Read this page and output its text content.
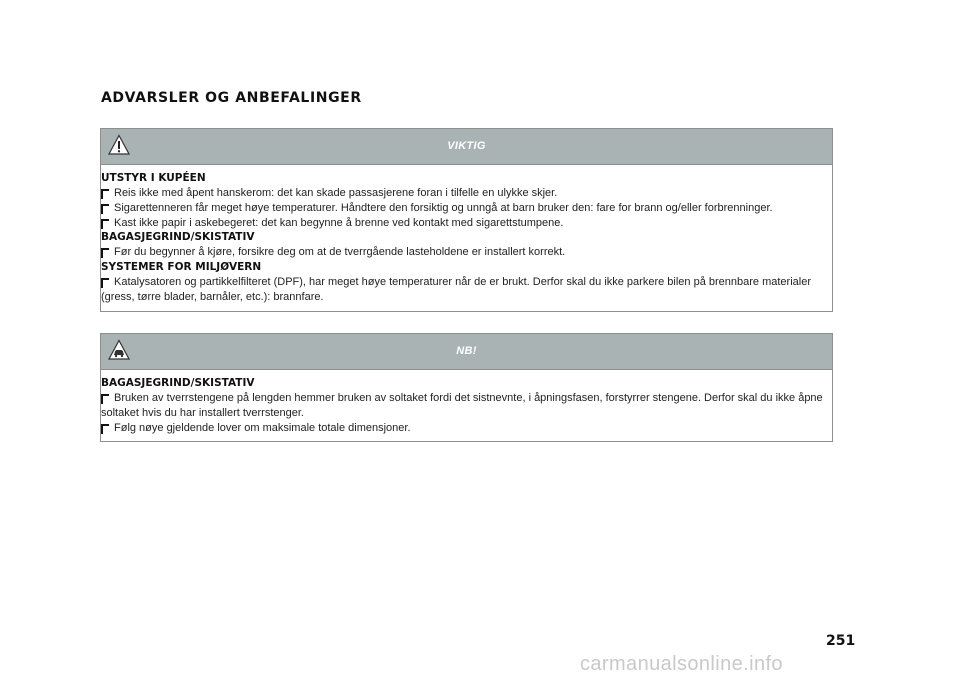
ADVARSLER OG ANBEFALINGER
VIKTIG

UTSTYR I KUPÉEN

Reis ikke med åpent hanskerom: det kan skade passasjerene foran i tilfelle en ulykke skjer.

Sigarettenneren får meget høye temperaturer. Håndtere den forsiktig og unngå at barn bruker den: fare for brann og/eller forbrenninger.

Kast ikke papir i askebegeret: det kan begynne å brenne ved kontakt med sigarettstumpene.

BAGASJEGRIND/SKISTATIV

Før du begynner å kjøre, forsikre deg om at de tverrgående lasteholdene er installert korrekt.

SYSTEMER FOR MILJØVERN

Katalysatoren og partikkelfilteret (DPF), har meget høye temperaturer når de er brukt. Derfor skal du ikke parkere bilen på brennbare materialer (gress, tørre blader, barnåler, etc.): brannfare.

NB!

BAGASJEGRIND/SKISTATIV

Bruken av tverrstengene på lengden hemmer bruken av soltaket fordi det sistnevnte, i åpningsfasen, forstyrrer stengene. Derfor skal du ikke åpne soltaket hvis du har installert tverrstenger.

Følg nøye gjeldende lover om maksimale totale dimensjoner.

251
carmanualsonline.info
